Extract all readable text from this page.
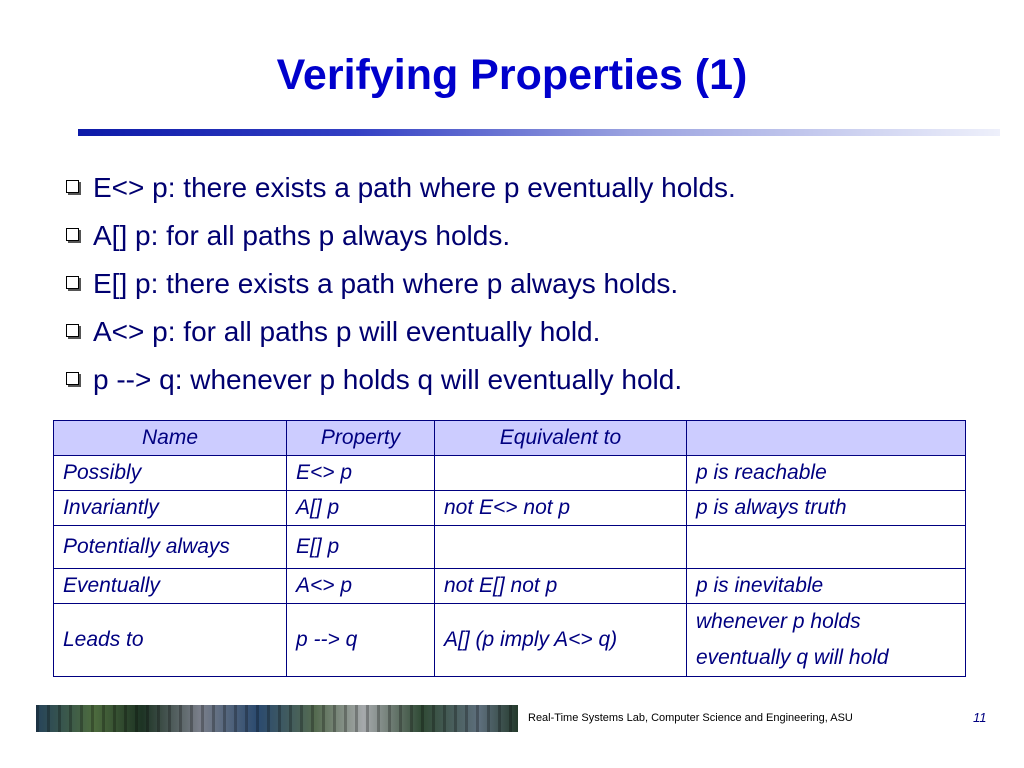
Verifying Properties (1)
E<> p: there exists a path where p eventually holds.
A[] p: for all paths p always holds.
E[] p: there exists a path where p always holds.
A<> p: for all paths p will eventually hold.
p --> q: whenever p holds q will eventually hold.
Name	Property	Equivalent to	
Possibly	E<> p		p is reachable
Invariantly	A[] p	not E<> not p	p is always truth
Potentially always	E[] p		
Eventually	A<> p	not E[] not p	p is inevitable
Leads to	p --> q	A[] (p imply A<> q)	whenever p holds
eventually q will hold
Real-Time Systems Lab, Computer Science and Engineering, ASU	11
